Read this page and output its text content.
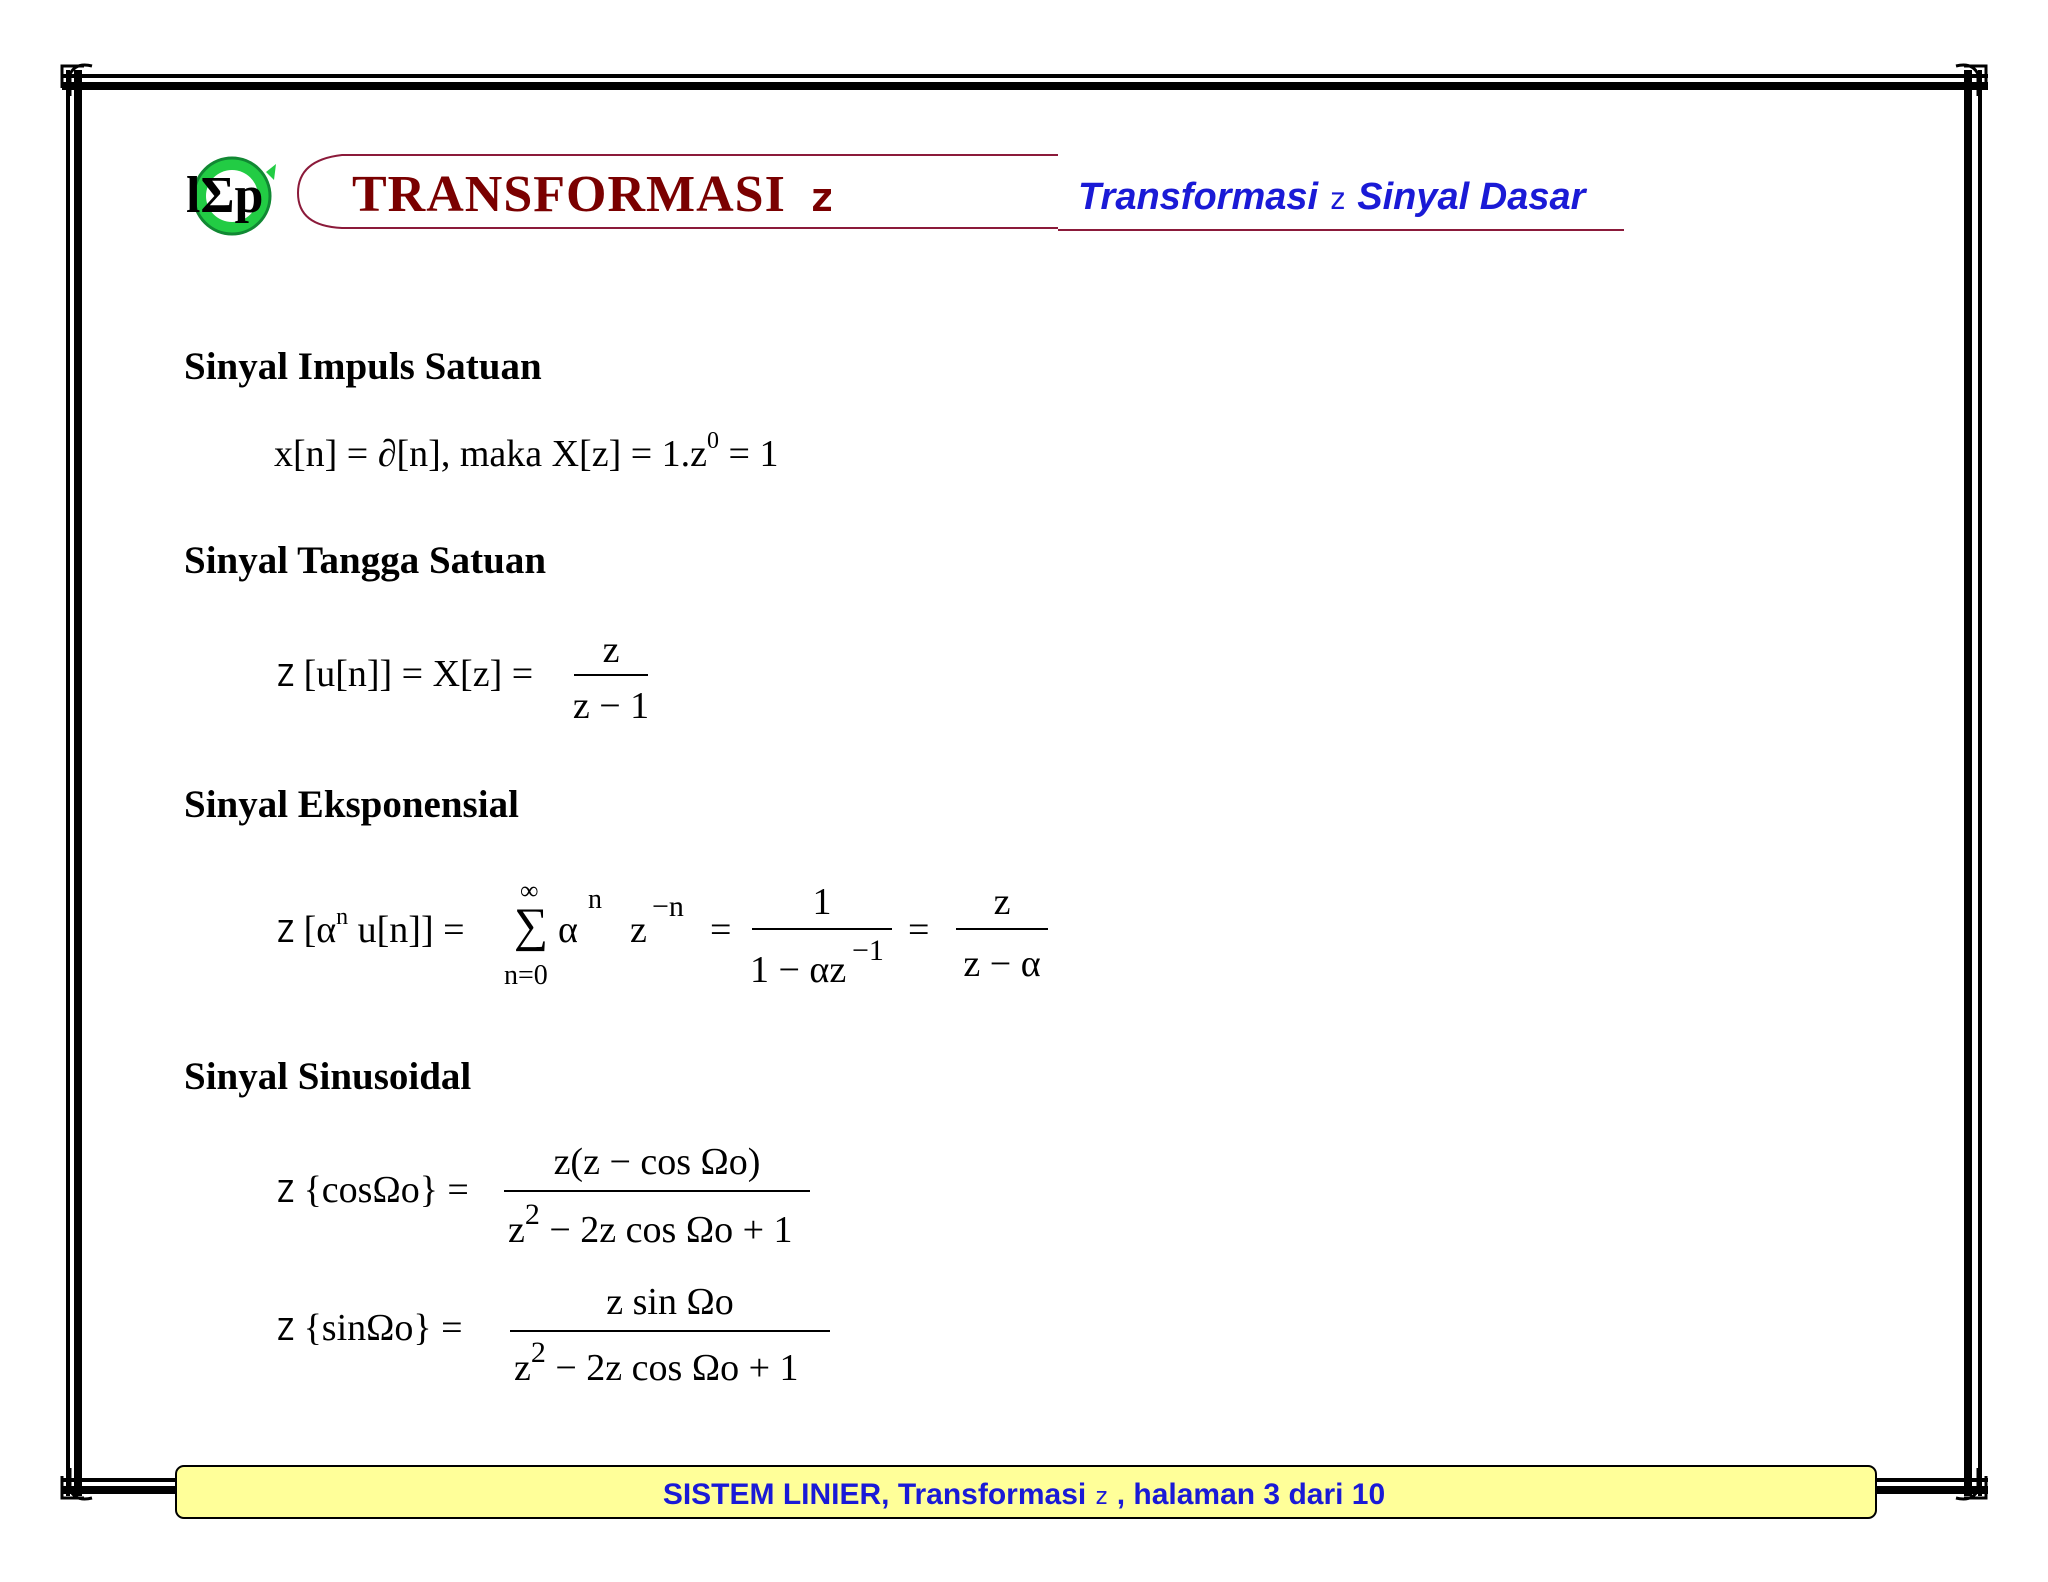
lΣp TRANSFORMASI z	Transformasi z Sinyal Dasar
Sinyal Impuls Satuan
x[n] = ∂[n], maka $X[z] = 1.z^0 = 1$
Sinyal Tangga Satuan
Z [u[n]] = X[z] =
z
z − 1
Sinyal Eksponensial
Z [$\alpha^n$ u[n]] =
∞
∑
n=0
α
n
z
−n
=
1
1 − αz −1 =
z
z − α
Sinyal Sinusoidal
Z {cosΩo} =
z(z − cos Ωo)
$z^2 - 2z$ cos Ωo + 1
Z {sinΩo} =
z sin Ωo
$z^2 - 2z$ cos Ωo + 1
SISTEM LINIER, Transformasi z , halaman 3 dari 10
